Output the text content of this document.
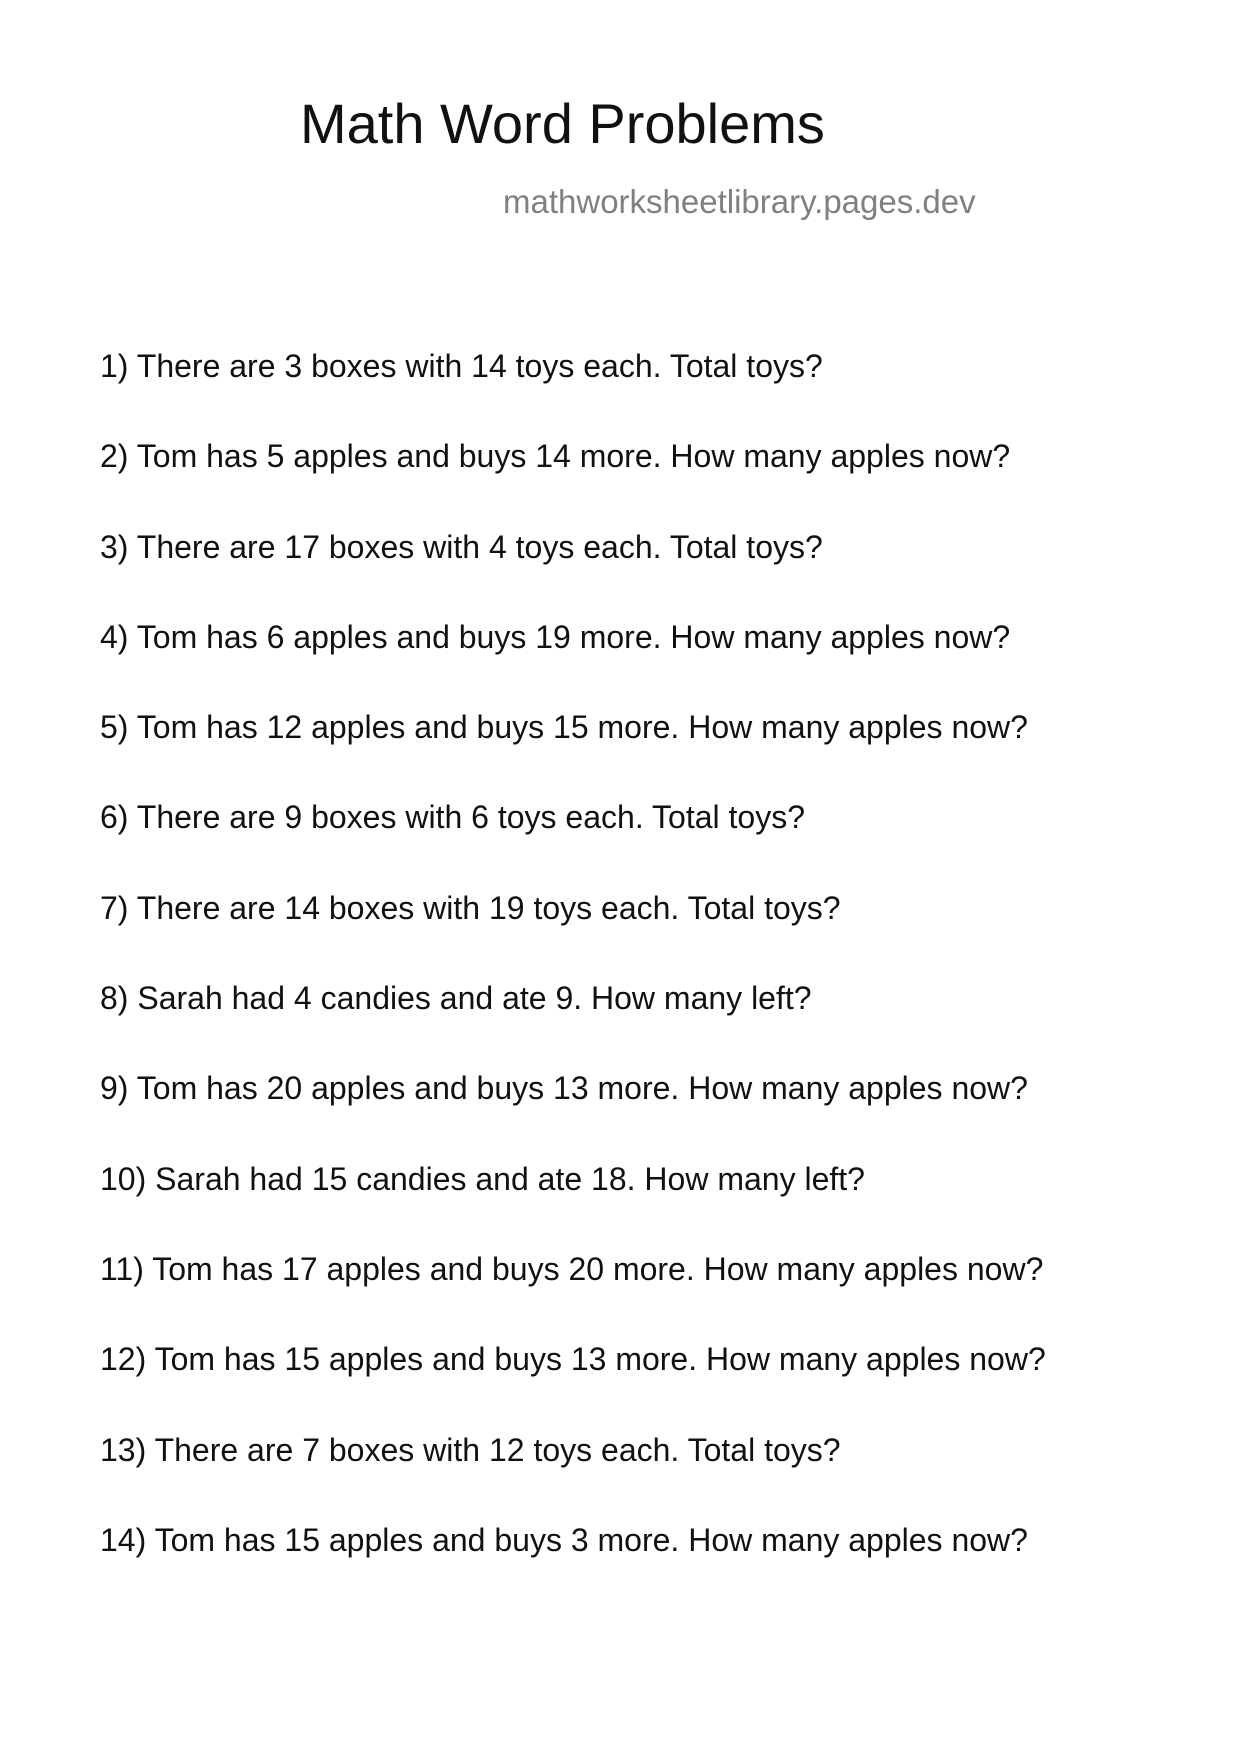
Math Word Problems
mathworksheetlibrary.pages.dev
1) There are 3 boxes with 14 toys each. Total toys?
2) Tom has 5 apples and buys 14 more. How many apples now?
3) There are 17 boxes with 4 toys each. Total toys?
4) Tom has 6 apples and buys 19 more. How many apples now?
5) Tom has 12 apples and buys 15 more. How many apples now?
6) There are 9 boxes with 6 toys each. Total toys?
7) There are 14 boxes with 19 toys each. Total toys?
8) Sarah had 4 candies and ate 9. How many left?
9) Tom has 20 apples and buys 13 more. How many apples now?
10) Sarah had 15 candies and ate 18. How many left?
11) Tom has 17 apples and buys 20 more. How many apples now?
12) Tom has 15 apples and buys 13 more. How many apples now?
13) There are 7 boxes with 12 toys each. Total toys?
14) Tom has 15 apples and buys 3 more. How many apples now?
